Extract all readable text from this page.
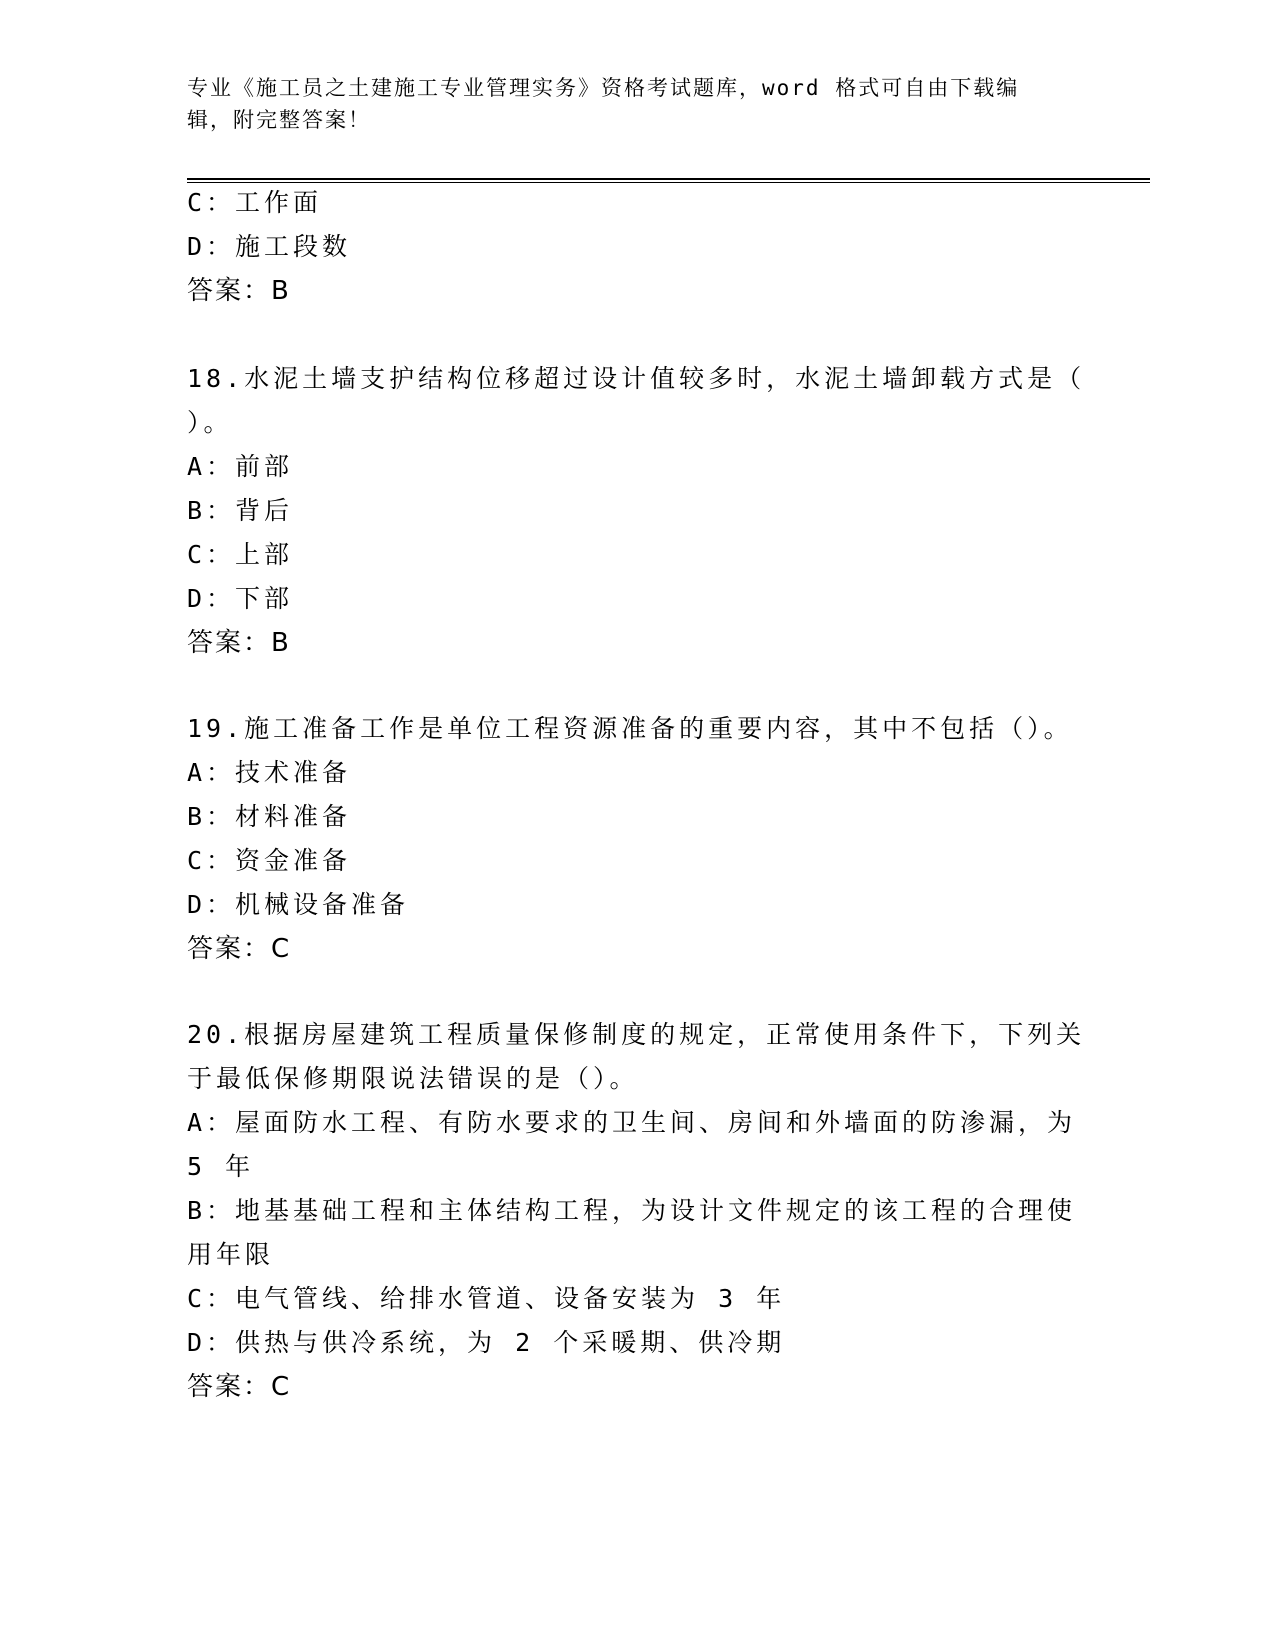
专业《施工员之土建施工专业管理实务》资格考试题库，word 格式可自由下载编
辑，附完整答案！
C：工作面
D：施工段数
答案：B
18.水泥土墙支护结构位移超过设计值较多时，水泥土墙卸载方式是（
）。
A：前部
B：背后
C：上部
D：下部
答案：B
19.施工准备工作是单位工程资源准备的重要内容，其中不包括（）。
A：技术准备
B：材料准备
C：资金准备
D：机械设备准备
答案：C
20.根据房屋建筑工程质量保修制度的规定，正常使用条件下，下列关
于最低保修期限说法错误的是（）。
A：屋面防水工程、有防水要求的卫生间、房间和外墙面的防渗漏，为
5 年
B：地基基础工程和主体结构工程，为设计文件规定的该工程的合理使
用年限
C：电气管线、给排水管道、设备安装为 3 年
D：供热与供冷系统，为 2 个采暖期、供冷期
答案：C
